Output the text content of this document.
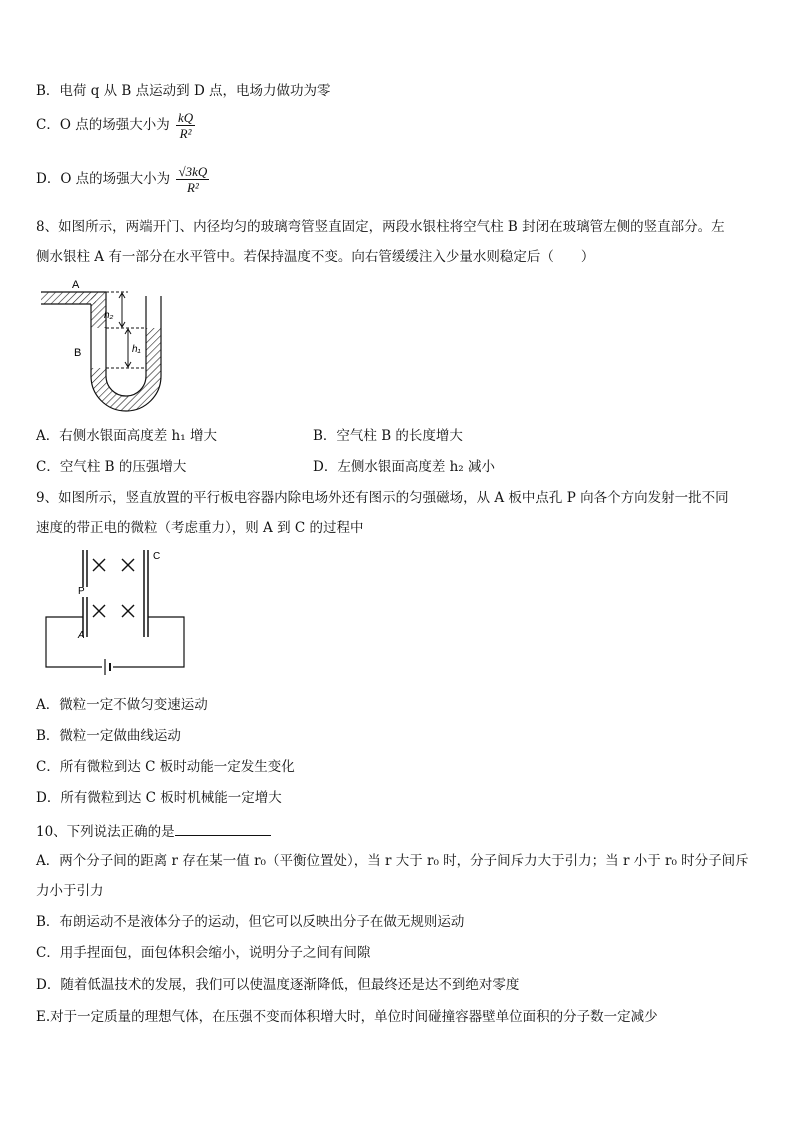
B．电荷 q 从 B 点运动到 D 点，电场力做功为零
C．O 点的场强大小为 $\frac{kQ}{\text{R²}}$
D．O 点的场强大小为 $\frac{√3kQ}{\text{R²}}$
8、如图所示，两端开门、内径均匀的玻璃弯管竖直固定，两段水银柱将空气柱 B 封闭在玻璃管左侧的竖直部分。左
侧水银柱 A 有一部分在水平管中。若保持温度不变。向右管缓缓注入少量水则稳定后（　　）
A
B
h₂
h₁
A．右侧水银面高度差 h₁ 增大	B．空气柱 B 的长度增大
C．空气柱 B 的压强增大	D．左侧水银面高度差 h₂ 减小
9、如图所示，竖直放置的平行板电容器内除电场外还有图示的匀强磁场，从 A 板中点孔 P 向各个方向发射一批不同
速度的带正电的微粒（考虑重力），则 A 到 C 的过程中
P
A
C
A．微粒一定不做匀变速运动
B．微粒一定做曲线运动
C．所有微粒到达 C 板时动能一定发生变化
D．所有微粒到达 C 板时机械能一定增大
10、下列说法正确的是
A．两个分子间的距离 r 存在某一值 r₀（平衡位置处），当 r 大于 r₀ 时，分子间斥力大于引力；当 r 小于 r₀ 时分子间斥
力小于引力
B．布朗运动不是液体分子的运动，但它可以反映出分子在做无规则运动
C．用手捏面包，面包体积会缩小，说明分子之间有间隙
D．随着低温技术的发展，我们可以使温度逐渐降低，但最终还是达不到绝对零度
E.对于一定质量的理想气体，在压强不变而体积增大时，单位时间碰撞容器壁单位面积的分子数一定减少
